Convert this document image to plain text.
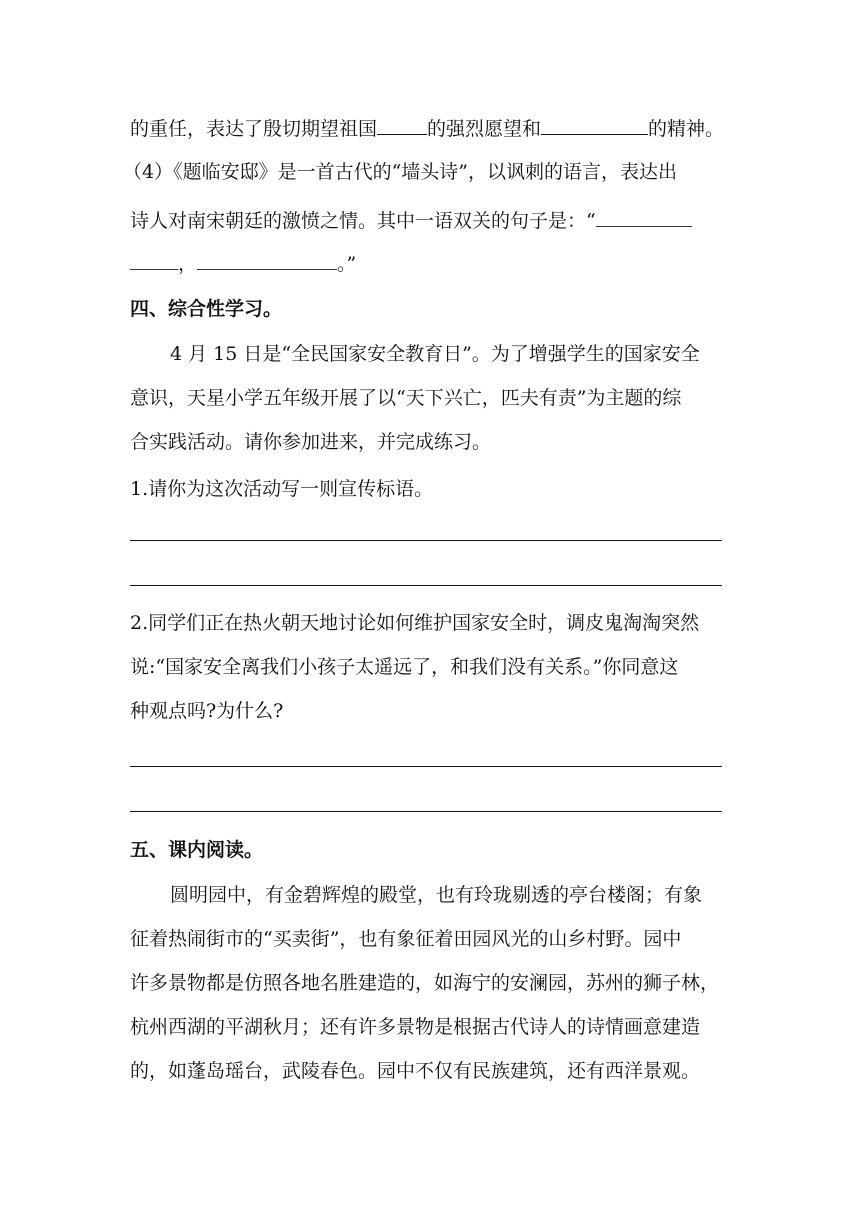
的重任，表达了殷切期望祖国	的强烈愿望和	的精神。
（4）《题临安邸》是一首古代的“墙头诗”，以讽刺的语言，表达出
诗人对南宋朝廷的激愤之情。其中一语双关的句子是：“
，	。”
四、综合性学习。
4 月 15 日是“全民国家安全教育日”。为了增强学生的国家安全
意识，天星小学五年级开展了以“天下兴亡，匹夫有责”为主题的综
合实践活动。请你参加进来，并完成练习。
1.请你为这次活动写一则宣传标语。
2.同学们正在热火朝天地讨论如何维护国家安全时，调皮鬼淘淘突然
说:“国家安全离我们小孩子太遥远了，和我们没有关系。”你同意这
种观点吗?为什么?
五、课内阅读。
圆明园中，有金碧辉煌的殿堂，也有玲珑剔透的亭台楼阁；有象
征着热闹街市的“买卖街”，也有象征着田园风光的山乡村野。园中
许多景物都是仿照各地名胜建造的，如海宁的安澜园，苏州的狮子林，
杭州西湖的平湖秋月；还有许多景物是根据古代诗人的诗情画意建造
的，如蓬岛瑶台，武陵春色。园中不仅有民族建筑，还有西洋景观。
